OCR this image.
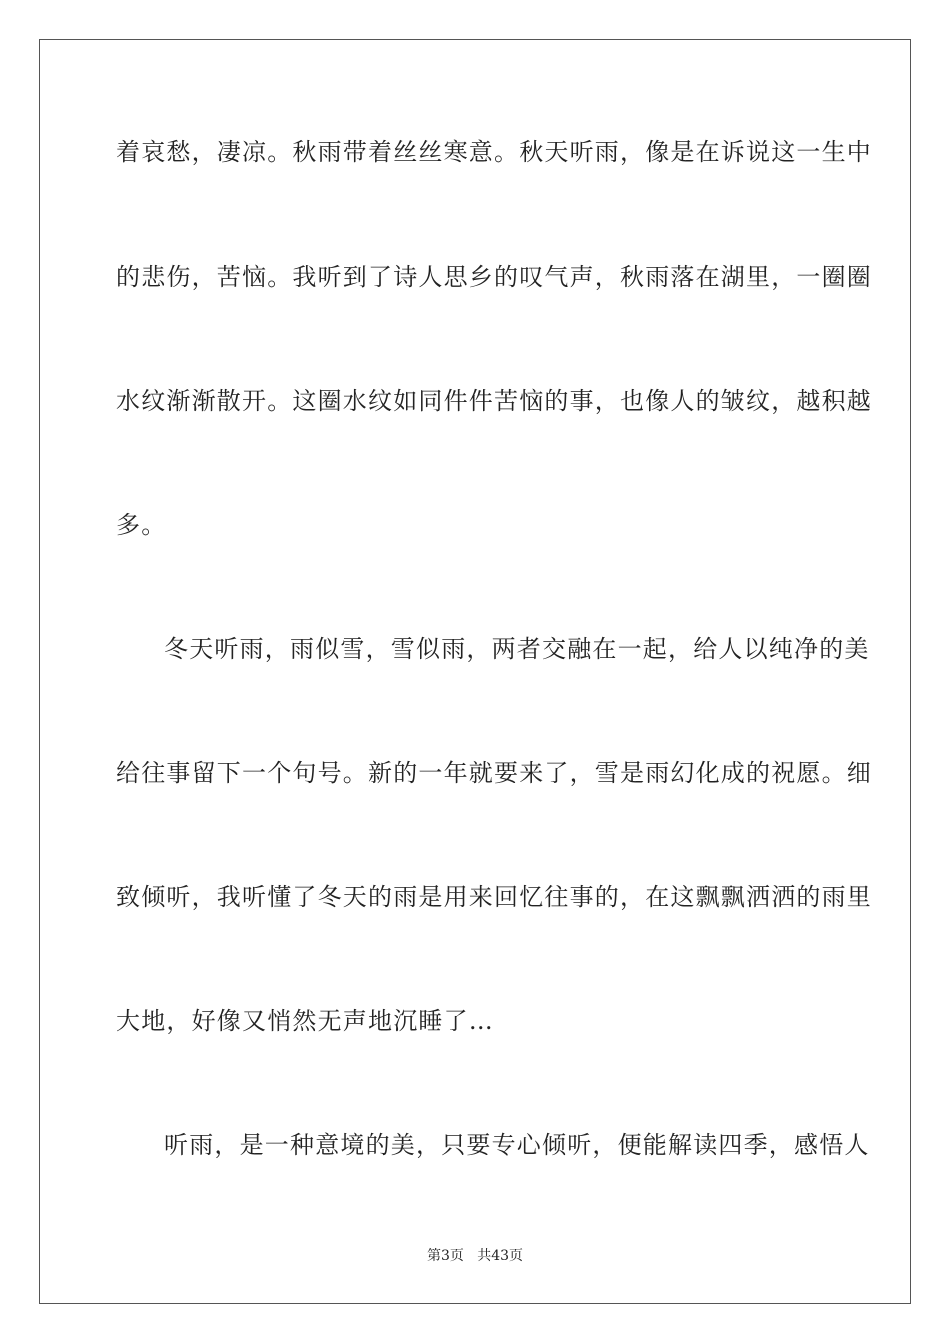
着哀愁，凄凉。秋雨带着丝丝寒意。秋天听雨，像是在诉说这一生中
的悲伤，苦恼。我听到了诗人思乡的叹气声，秋雨落在湖里，一圈圈
水纹渐渐散开。这圈水纹如同件件苦恼的事，也像人的皱纹，越积越
多。
冬天听雨，雨似雪，雪似雨，两者交融在一起，给人以纯净的美
给往事留下一个句号。新的一年就要来了，雪是雨幻化成的祝愿。细
致倾听，我听懂了冬天的雨是用来回忆往事的，在这飘飘洒洒的雨里
大地，好像又悄然无声地沉睡了…
听雨，是一种意境的美，只要专心倾听，便能解读四季，感悟人
第3页   共43页
